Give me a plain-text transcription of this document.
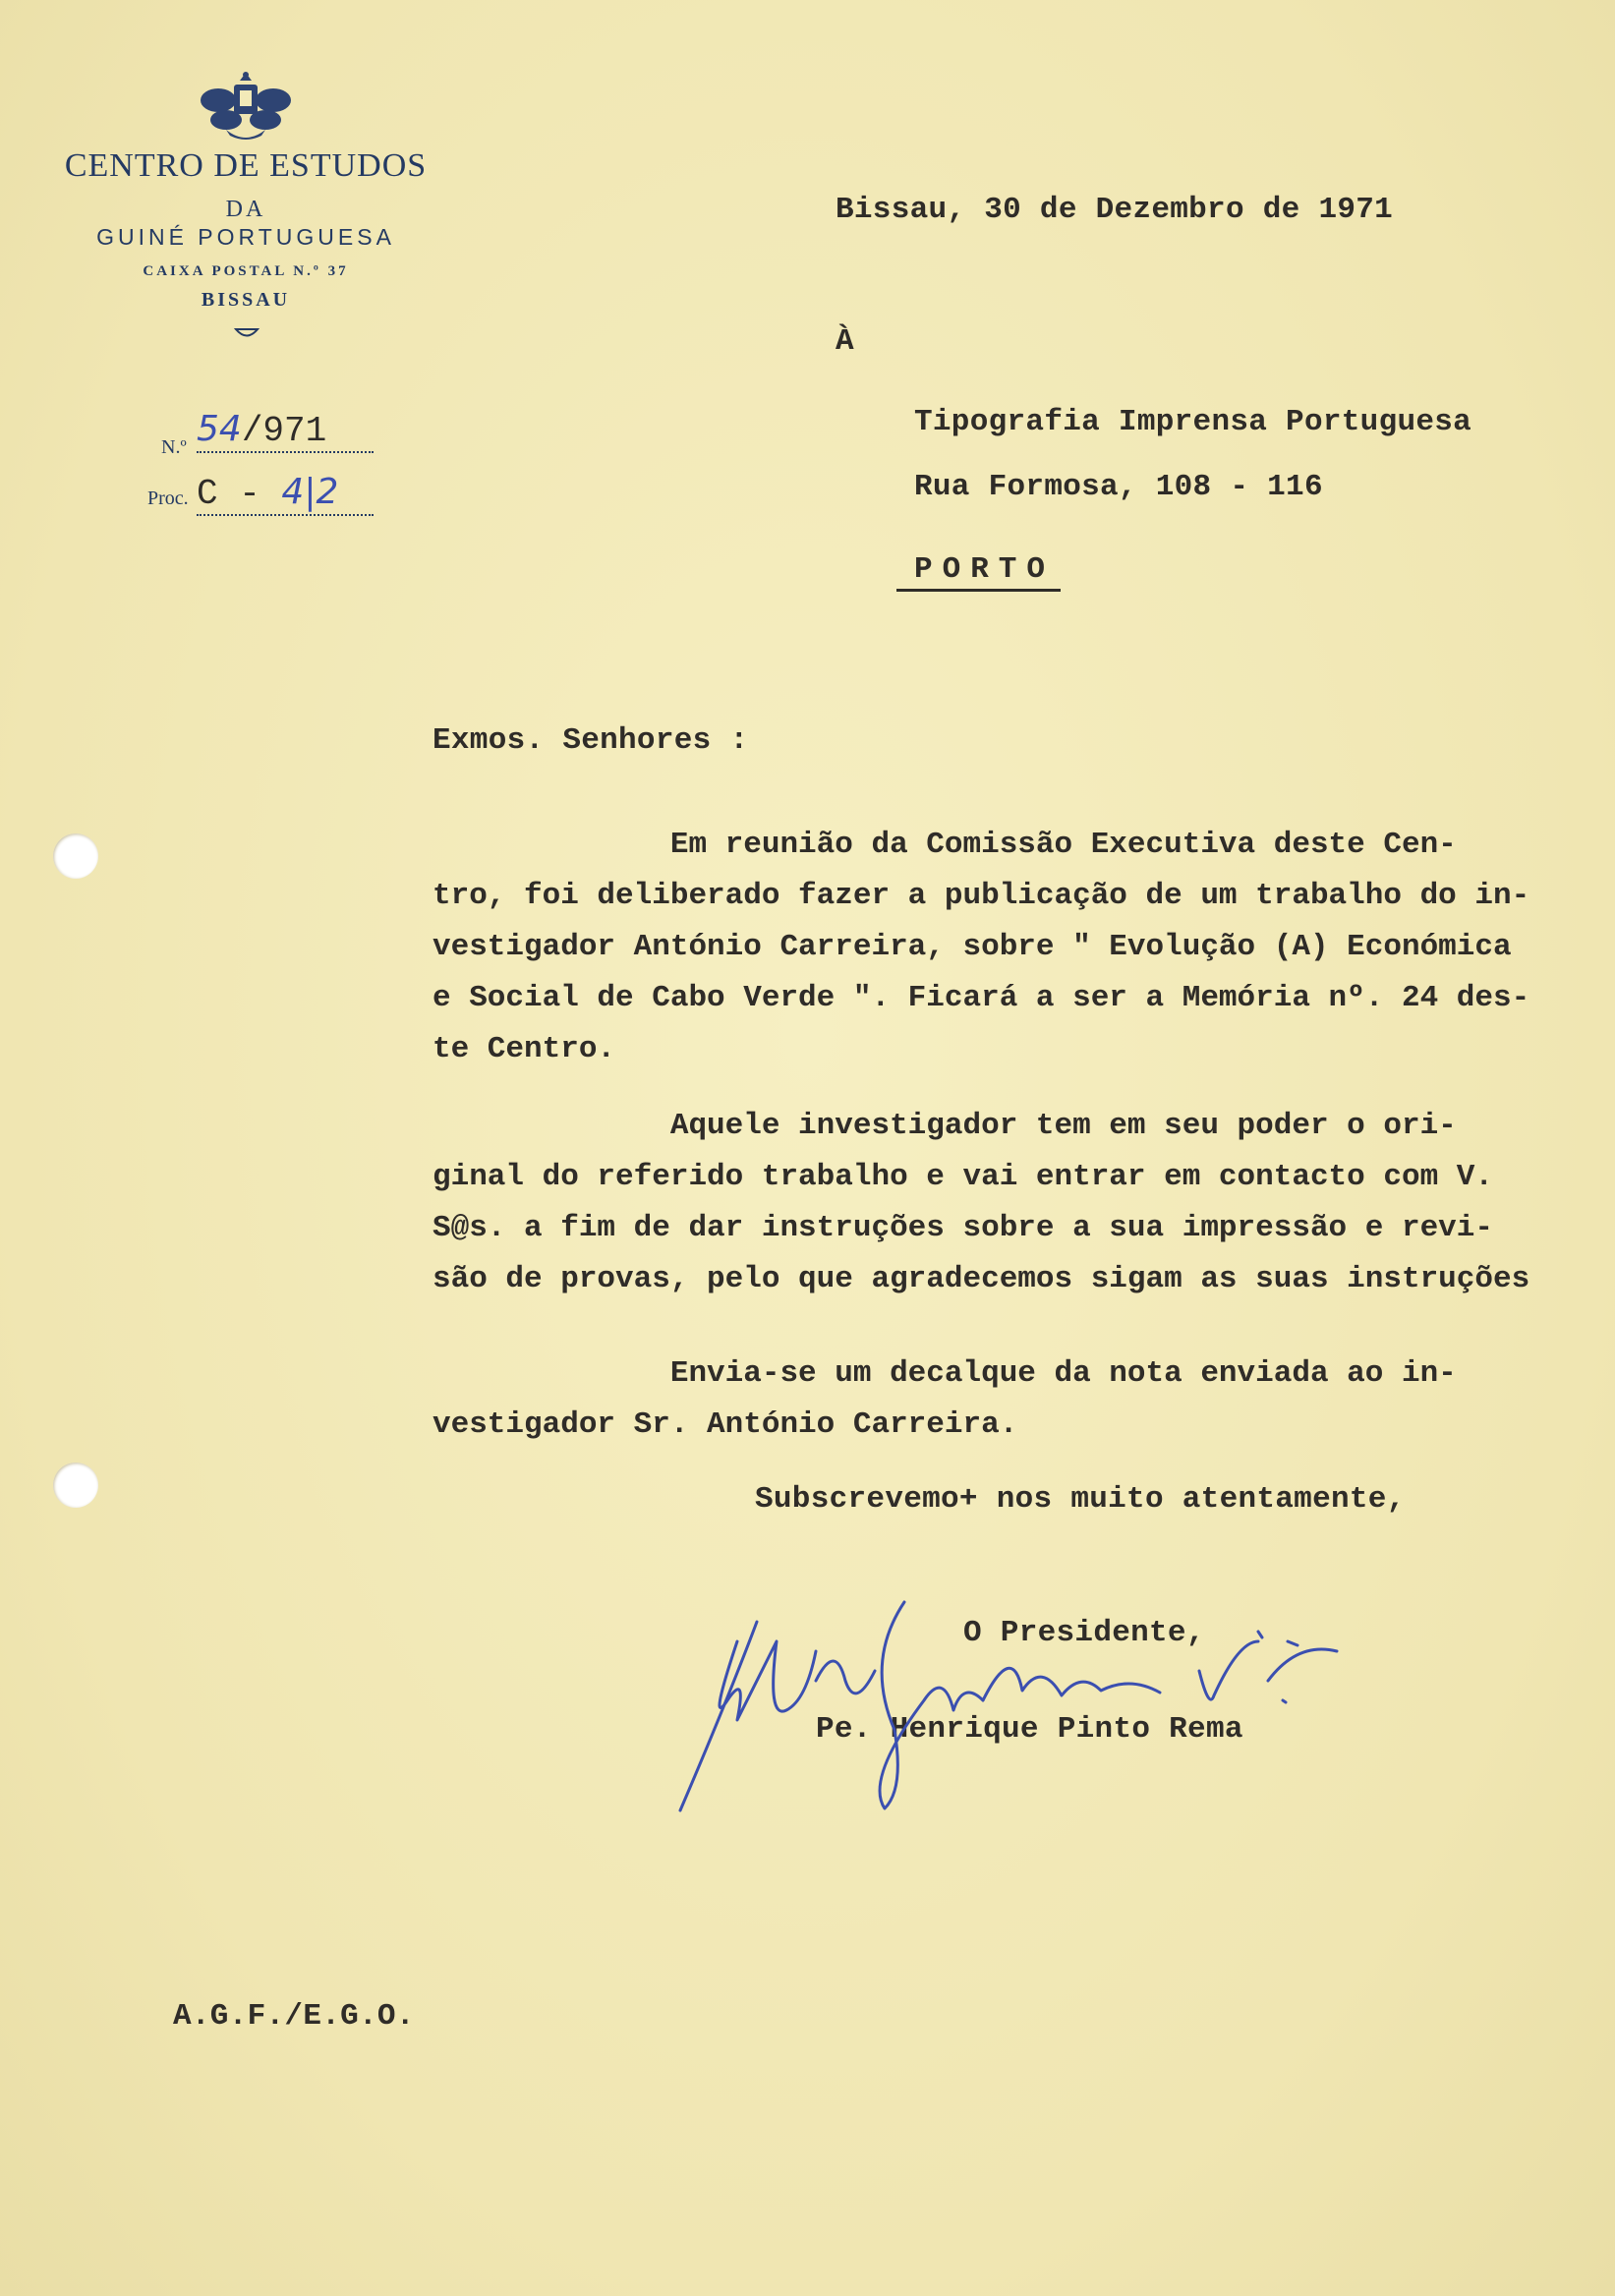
CENTRO DE ESTUDOS
DA
GUINÉ PORTUGUESA
CAIXA POSTAL N.º 37
BISSAU
N.º 54/971
Proc. C - 4|2
Bissau, 30 de Dezembro de 1971
À
Tipografia Imprensa Portuguesa
Rua Formosa, 108 - 116
PORTO
Exmos. Senhores :
Em reunião da Comissão Executiva deste Cen-
tro, foi deliberado fazer a publicação de um trabalho do in-
vestigador António Carreira, sobre " Evolução (A) Económica
e Social de Cabo Verde ". Ficará a ser a Memória nº. 24 des-
te Centro.
Aquele investigador tem em seu poder o ori-
ginal do referido trabalho e vai entrar em contacto com V.
S@s. a fim de dar instruções sobre a sua impressão e revi-
são de provas, pelo que agradecemos sigam as suas instruções
Envia-se um decalque da nota enviada ao in-
vestigador Sr. António Carreira.
Subscrevemo+ nos muito atentamente,
O Presidente,
Pe. Henrique Pinto Rema
A.G.F./E.G.O.
